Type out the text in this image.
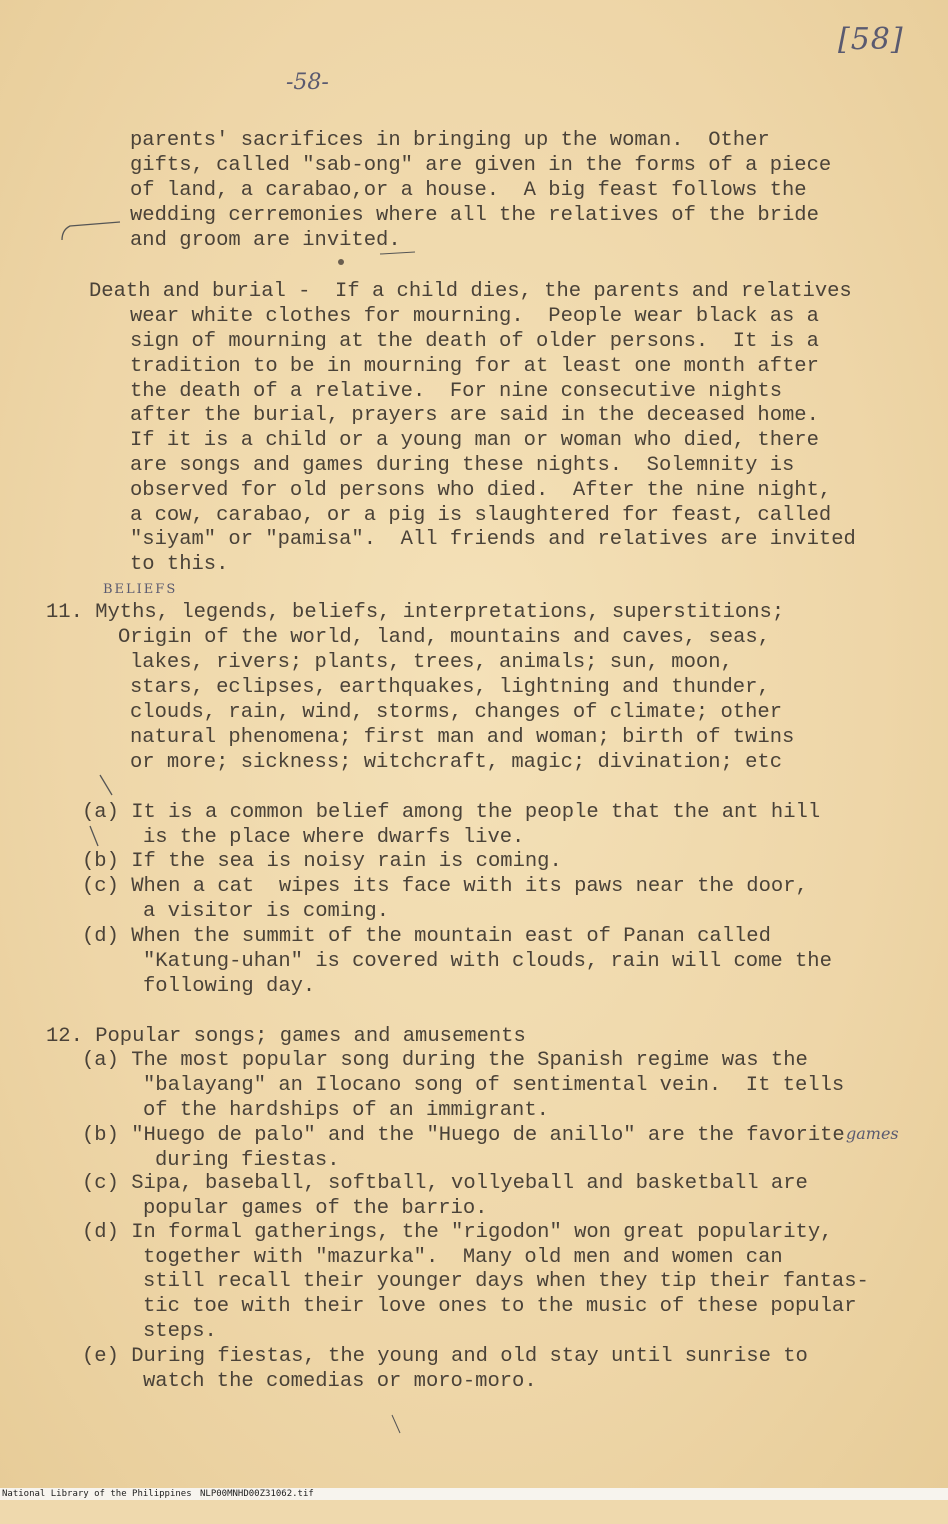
[58]
-58-
parents' sacrifices in bringing up the woman.  Other
gifts, called "sab-ong" are given in the forms of a piece
of land, a carabao,or a house.  A big feast follows the
wedding cerremonies where all the relatives of the bride
and groom are invited.
Death and burial -  If a child dies, the parents and relatives
wear white clothes for mourning.  People wear black as a
sign of mourning at the death of older persons.  It is a
tradition to be in mourning for at least one month after
the death of a relative.  For nine consecutive nights
after the burial, prayers are said in the deceased home.
If it is a child or a young man or woman who died, there
are songs and games during these nights.  Solemnity is
observed for old persons who died.  After the nine night,
a cow, carabao, or a pig is slaughtered for feast, called
"siyam" or "pamisa".  All friends and relatives are invited
to this.
BELIEFS
11. Myths, legends, beliefs, interpretations, superstitions;
Origin of the world, land, mountains and caves, seas,
lakes, rivers; plants, trees, animals; sun, moon,
stars, eclipses, earthquakes, lightning and thunder,
clouds, rain, wind, storms, changes of climate; other
natural phenomena; first man and woman; birth of twins
or more; sickness; witchcraft, magic; divination; etc
(a) It is a common belief among the people that the ant hill
is the place where dwarfs live.
(b) If the sea is noisy rain is coming.
(c) When a cat  wipes its face with its paws near the door,
a visitor is coming.
(d) When the summit of the mountain east of Panan called
"Katung-uhan" is covered with clouds, rain will come the
following day.
12. Popular songs; games and amusements
(a) The most popular song during the Spanish regime was the
"balayang" an Ilocano song of sentimental vein.  It tells
of the hardships of an immigrant.
(b) "Huego de palo" and the "Huego de anillo" are the favorite games
during fiestas.
(c) Sipa, baseball, softball, vollyeball and basketball are
popular games of the barrio.
(d) In formal gatherings, the "rigodon" won great popularity,
together with "mazurka".  Many old men and women can
still recall their younger days when they tip their fantas-
tic toe with their love ones to the music of these popular
steps.
(e) During fiestas, the young and old stay until sunrise to
watch the comedias or moro-moro.

National Library of the Philippines

NLP00MNHD00Z31062.tif
